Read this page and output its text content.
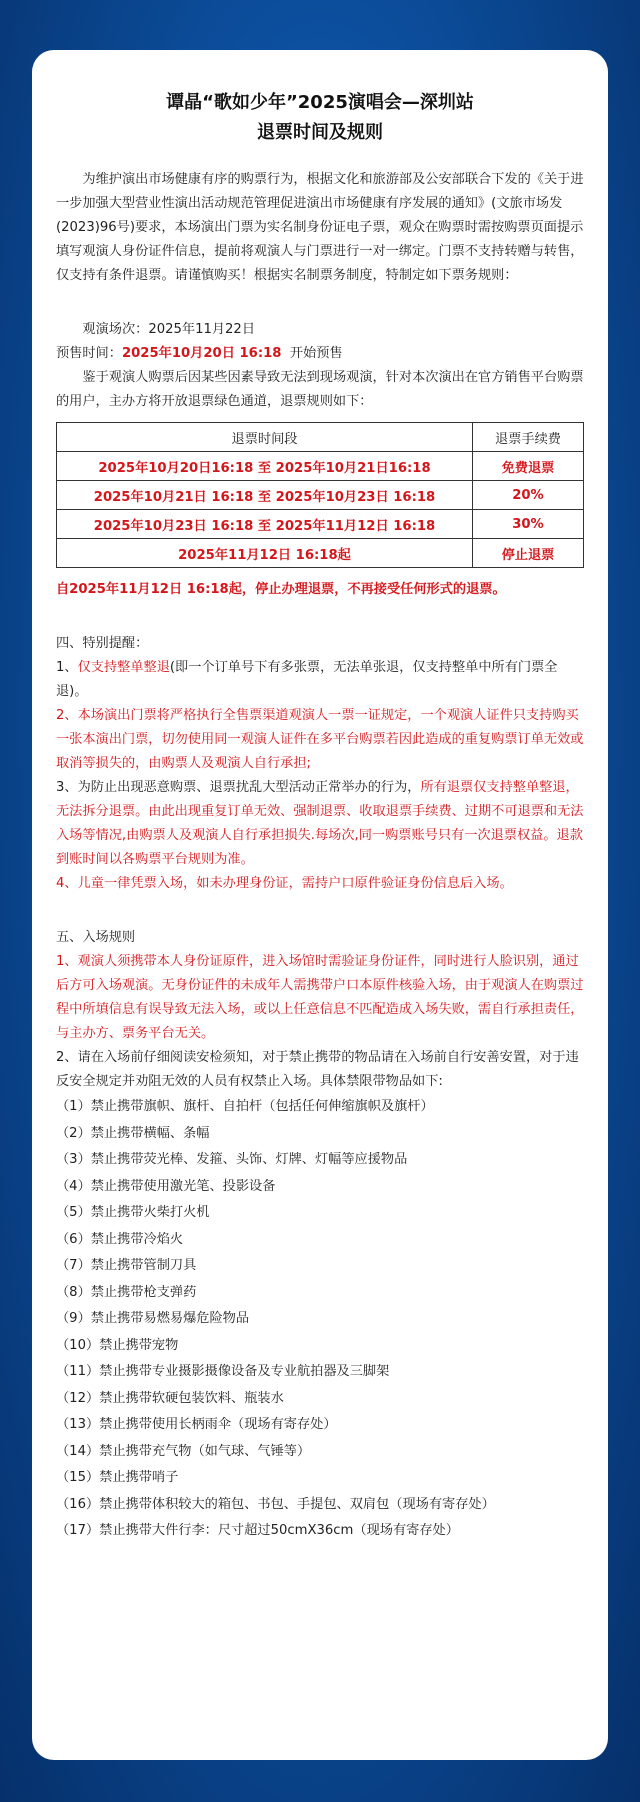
谭晶“歌如少年”2025演唱会—深圳站
退票时间及规则

为维护演出市场健康有序的购票行为，根据文化和旅游部及公安部联合下发的《关于进一步加强大型营业性演出活动规范管理促进演出市场健康有序发展的通知》(文旅市场发(2023)96号)要求，本场演出门票为实名制身份证电子票，观众在购票时需按购票页面提示填写观演人身份证件信息，提前将观演人与门票进行一对一绑定。门票不支持转赠与转售，仅支持有条件退票。请谨慎购买！根据实名制票务制度，特制定如下票务规则：

观演场次：2025年11月22日

预售时间：2025年10月20日 16:18 开始预售

鉴于观演人购票后因某些因素导致无法到现场观演，针对本次演出在官方销售平台购票的用户，主办方将开放退票绿色通道，退票规则如下：

退票时间段	退票手续费
2025年10月20日16:18 至 2025年10月21日16:18	免费退票
2025年10月21日 16:18 至 2025年10月23日 16:18	20%
2025年10月23日 16:18 至 2025年11月12日 16:18	30%
2025年11月12日 16:18起	停止退票

自2025年11月12日 16:18起，停止办理退票，不再接受任何形式的退票。

四、特别提醒：

1、仅支持整单整退(即一个订单号下有多张票，无法单张退，仅支持整单中所有门票全退)。

2、本场演出门票将严格执行全售票渠道观演人一票一证规定，一个观演人证件只支持购买一张本演出门票，切勿使用同一观演人证件在多平台购票若因此造成的重复购票订单无效或取消等损失的，由购票人及观演人自行承担;

3、为防止出现恶意购票、退票扰乱大型活动正常举办的行为，所有退票仅支持整单整退，无法拆分退票。由此出现重复订单无效、强制退票、收取退票手续费、过期不可退票和无法入场等情况,由购票人及观演人自行承担损失.每场次,同一购票账号只有一次退票权益。退款到账时间以各购票平台规则为准。

4、儿童一律凭票入场，如未办理身份证，需持户口原件验证身份信息后入场。

五、入场规则

1、观演人须携带本人身份证原件，进入场馆时需验证身份证件，同时进行人脸识别，通过后方可入场观演。无身份证件的未成年人需携带户口本原件核验入场，由于观演人在购票过程中所填信息有误导致无法入场，或以上任意信息不匹配造成入场失败，需自行承担责任，与主办方、票务平台无关。

2、请在入场前仔细阅读安检须知，对于禁止携带的物品请在入场前自行安善安置，对于违反安全规定并劝阻无效的人员有权禁止入场。具体禁限带物品如下:

（1）禁止携带旗帜、旗杆、自拍杆（包括任何伸缩旗帜及旗杆）

（2）禁止携带横幅、条幅

（3）禁止携带荧光棒、发箍、头饰、灯牌、灯幅等应援物品

（4）禁止携带使用激光笔、投影设备

（5）禁止携带火柴打火机

（6）禁止携带冷焰火

（7）禁止携带管制刀具

（8）禁止携带枪支弹药

（9）禁止携带易燃易爆危险物品

（10）禁止携带宠物

（11）禁止携带专业摄影摄像设备及专业航拍器及三脚架

（12）禁止携带软硬包装饮料、瓶装水

（13）禁止携带使用长柄雨伞（现场有寄存处）

（14）禁止携带充气物（如气球、气锤等）

（15）禁止携带哨子

（16）禁止携带体积较大的箱包、书包、手提包、双肩包（现场有寄存处）

（17）禁止携带大件行李：尺寸超过50cmX36cm（现场有寄存处）
